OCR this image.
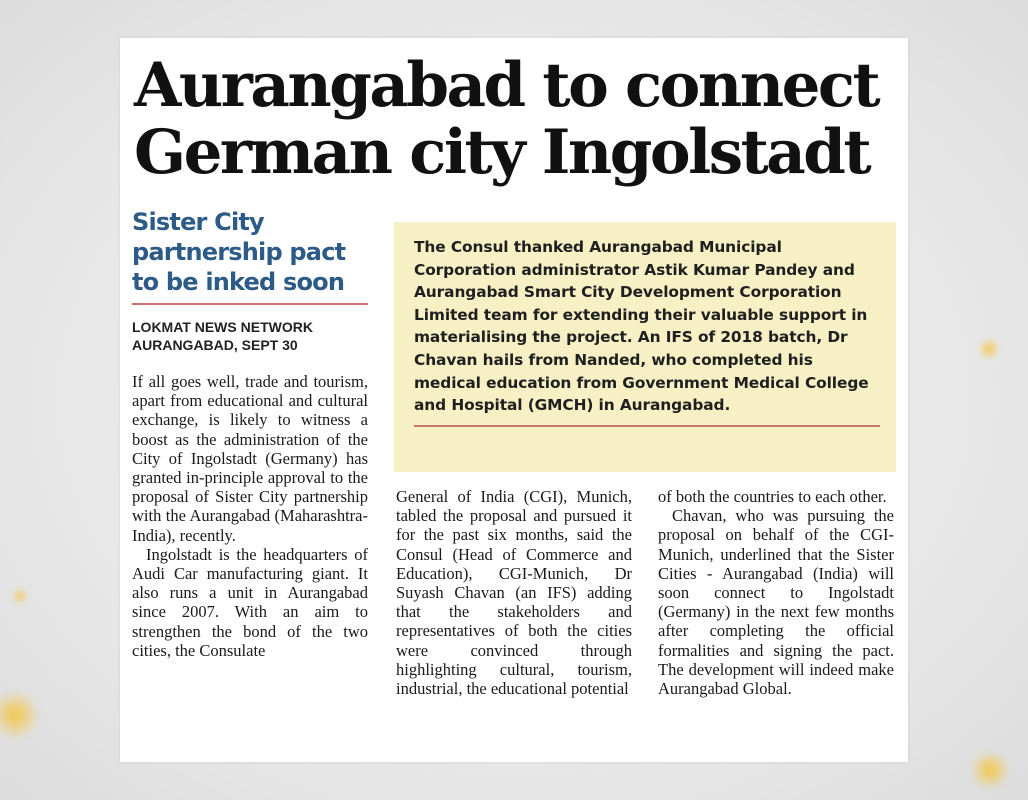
Aurangabad to connect
German city Ingolstadt
Sister City
partnership pact
to be inked soon
LOKMAT NEWS NETWORK
AURANGABAD, SEPT 30

The Consul thanked Aurangabad Municipal Corporation administrator Astik Kumar Pandey and Aurangabad Smart City Development Corporation Limited team for extending their valuable support in materialising the project. An IFS of 2018 batch, Dr Chavan hails from Nanded, who completed his medical education from Government Medical College and Hospital (GMCH) in Aurangabad.

If all goes well, trade and tourism, apart from educational and cultural exchange, is likely to witness a boost as the administration of the City of Ingolstadt (Germany) has granted in-principle approval to the proposal of Sister City partnership with the Aurangabad (Maharashtra-India), recently.

Ingolstadt is the headquarters of Audi Car manufacturing giant. It also runs a unit in Aurangabad since 2007. With an aim to strengthen the bond of the two cities, the Consulate

General of India (CGI), Munich, tabled the proposal and pursued it for the past six months, said the Consul (Head of Commerce and Education), CGI-Munich, Dr Suyash Chavan (an IFS) adding that the stakeholders and representatives of both the cities were convinced through highlighting cultural, tourism, industrial, the educational potential

of both the countries to each other.

Chavan, who was pursuing the proposal on behalf of the CGI-Munich, underlined that the Sister Cities - Aurangabad (India) will soon connect to Ingolstadt (Germany) in the next few months after completing the official formalities and signing the pact. The development will indeed make Aurangabad Global.
